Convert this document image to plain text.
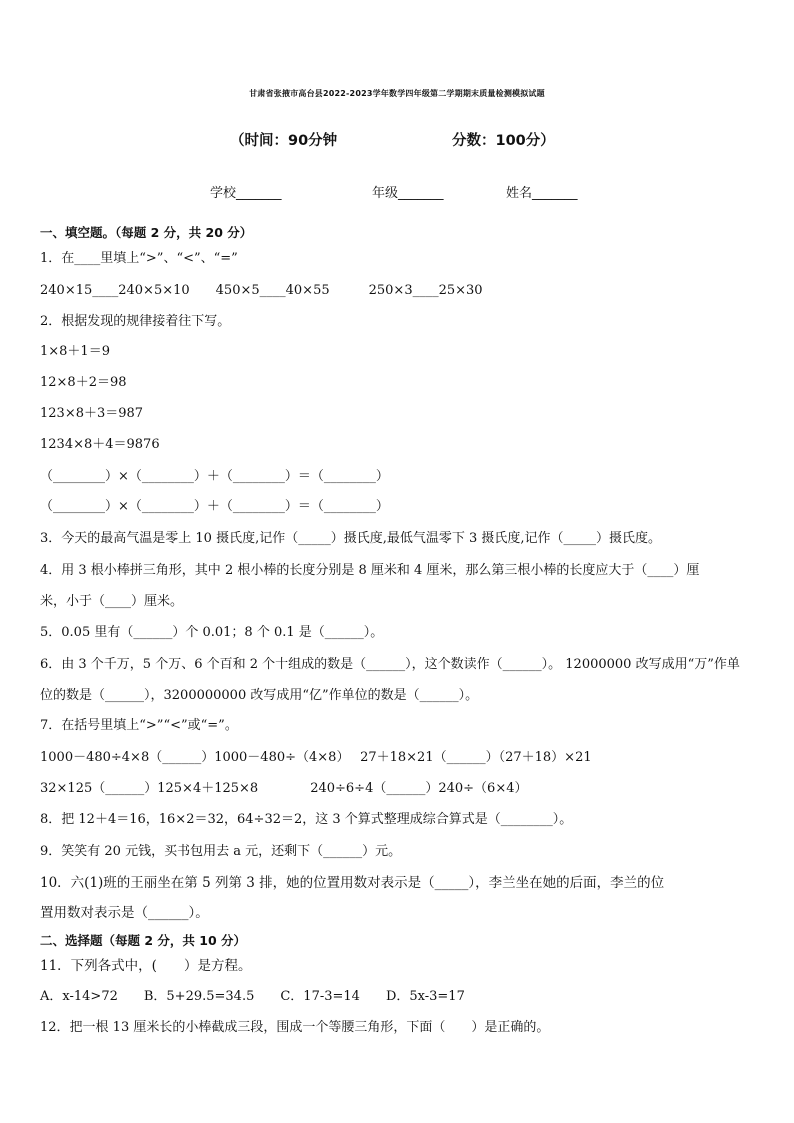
甘肃省张掖市高台县2022-2023学年数学四年级第二学期期末质量检测模拟试题
（时间：90分钟	分数：100分）
学校_______	年级_______	姓名_______
一、填空题。（每题 2 分，共 20 分）
1．在____里填上“>”、“<”、“=”
240×15____240×5×10　　450×5____40×55　　　250×3____25×30
2．根据发现的规律接着往下写。
1×8＋1＝9
12×8＋2＝98
123×8＋3＝987
1234×8＋4＝9876
（________）×（________）＋（________）＝（________）
（________）×（________）＋（________）＝（________）
3．今天的最高气温是零上 10 摄氏度,记作（_____）摄氏度,最低气温零下 3 摄氏度,记作（_____）摄氏度。
4．用 3 根小棒拼三角形，其中 2 根小棒的长度分别是 8 厘米和 4 厘米，那么第三根小棒的长度应大于（____）厘
米，小于（____）厘米。
5．0.05 里有（______）个 0.01；8 个 0.1 是（______）。
6．由 3 个千万，5 个万、6 个百和 2 个十组成的数是（______），这个数读作（______）。 12000000 改写成用“万”作单
位的数是（______），3200000000 改写成用“亿”作单位的数是（______）。
7．在括号里填上“>”“<”或“=”。
1000－480÷4×8（______）1000－480÷（4×8）　 27＋18×21（______）（27＋18）×21
32×125（______）125×4＋125×8　　　　240÷6÷4（______）240÷（6×4）
8．把 12＋4＝16，16×2＝32，64÷32＝2，这 3 个算式整理成综合算式是（________）。
9．笑笑有 20 元钱，买书包用去 a 元，还剩下（______）元。
10．六(1)班的王丽坐在第 5 列第 3 排，她的位置用数对表示是（_____），李兰坐在她的后面，李兰的位
置用数对表示是（______）。
二、选择题（每题 2 分，共 10 分）
11．下列各式中，(　　）是方程。
A．x-14>72　　B．5+29.5=34.5　　C．17-3=14　　D．5x-3=17
12．把一根 13 厘米长的小棒截成三段，围成一个等腰三角形，下面（　　）是正确的。
